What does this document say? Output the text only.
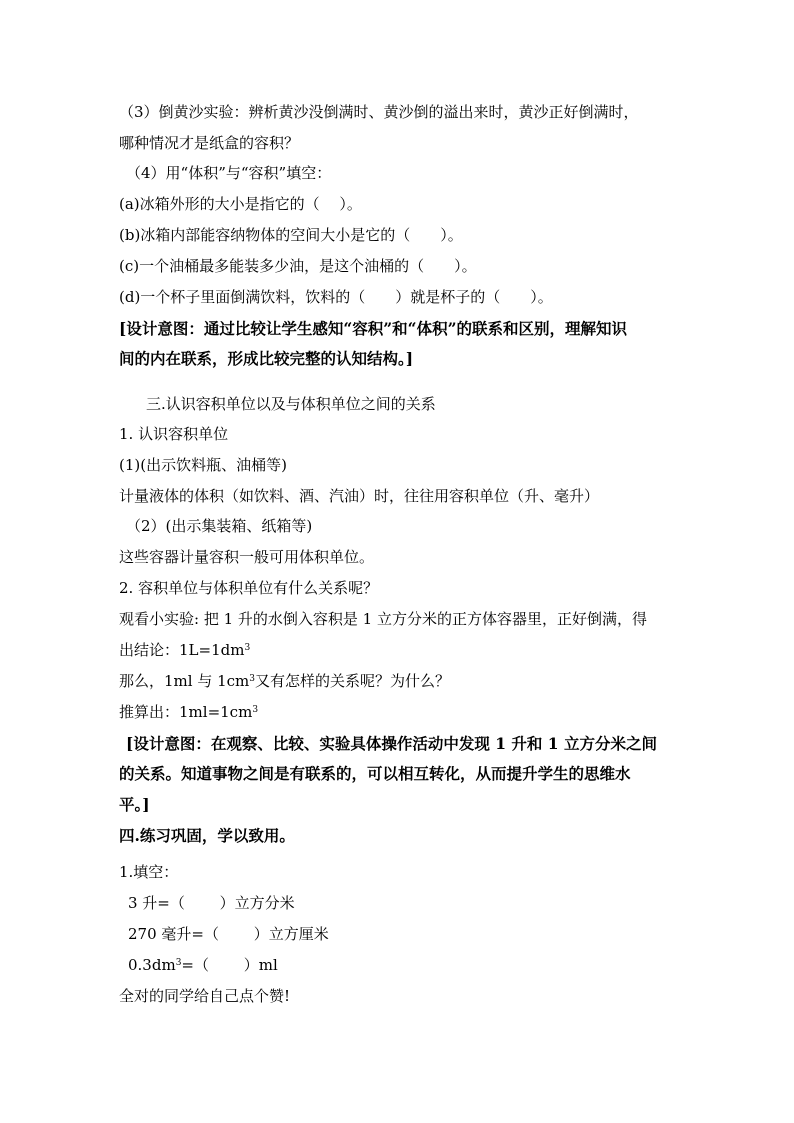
（3）倒黄沙实验：辨析黄沙没倒满时、黄沙倒的溢出来时，黄沙正好倒满时，
哪种情况才是纸盒的容积？
（4）用“体积”与“容积”填空：
(a)冰箱外形的大小是指它的（　 ）。
(b)冰箱内部能容纳物体的空间大小是它的（　　）。
(c)一个油桶最多能装多少油，是这个油桶的（　　）。
(d)一个杯子里面倒满饮料，饮料的（　　）就是杯子的（　　）。
[设计意图：通过比较让学生感知“容积”和“体积”的联系和区别，理解知识
间的内在联系，形成比较完整的认知结构。]
三.认识容积单位以及与体积单位之间的关系
1. 认识容积单位
(1)(出示饮料瓶、油桶等)
计量液体的体积（如饮料、酒、汽油）时，往往用容积单位（升、毫升）
（2）(出示集装箱、纸箱等)
这些容器计量容积一般可用体积单位。
2. 容积单位与体积单位有什么关系呢？
观看小实验: 把 1 升的水倒入容积是 1 立方分米的正方体容器里，正好倒满，得
出结论：$1L=1dm^3$
那么，1ml 与 $1cm^3$又有怎样的关系呢？为什么？
推算出：$1ml=1cm^3$
[设计意图：在观察、比较、实验具体操作活动中发现 1 升和 1 立方分米之间
的关系。知道事物之间是有联系的，可以相互转化，从而提升学生的思维水
平。]
四.练习巩固，学以致用。
1.填空：
3 升=（　　 ）立方分米
270 毫升=（　　 ）立方厘米
$0.3dm^3=$（　　 ）ml
全对的同学给自己点个赞!
